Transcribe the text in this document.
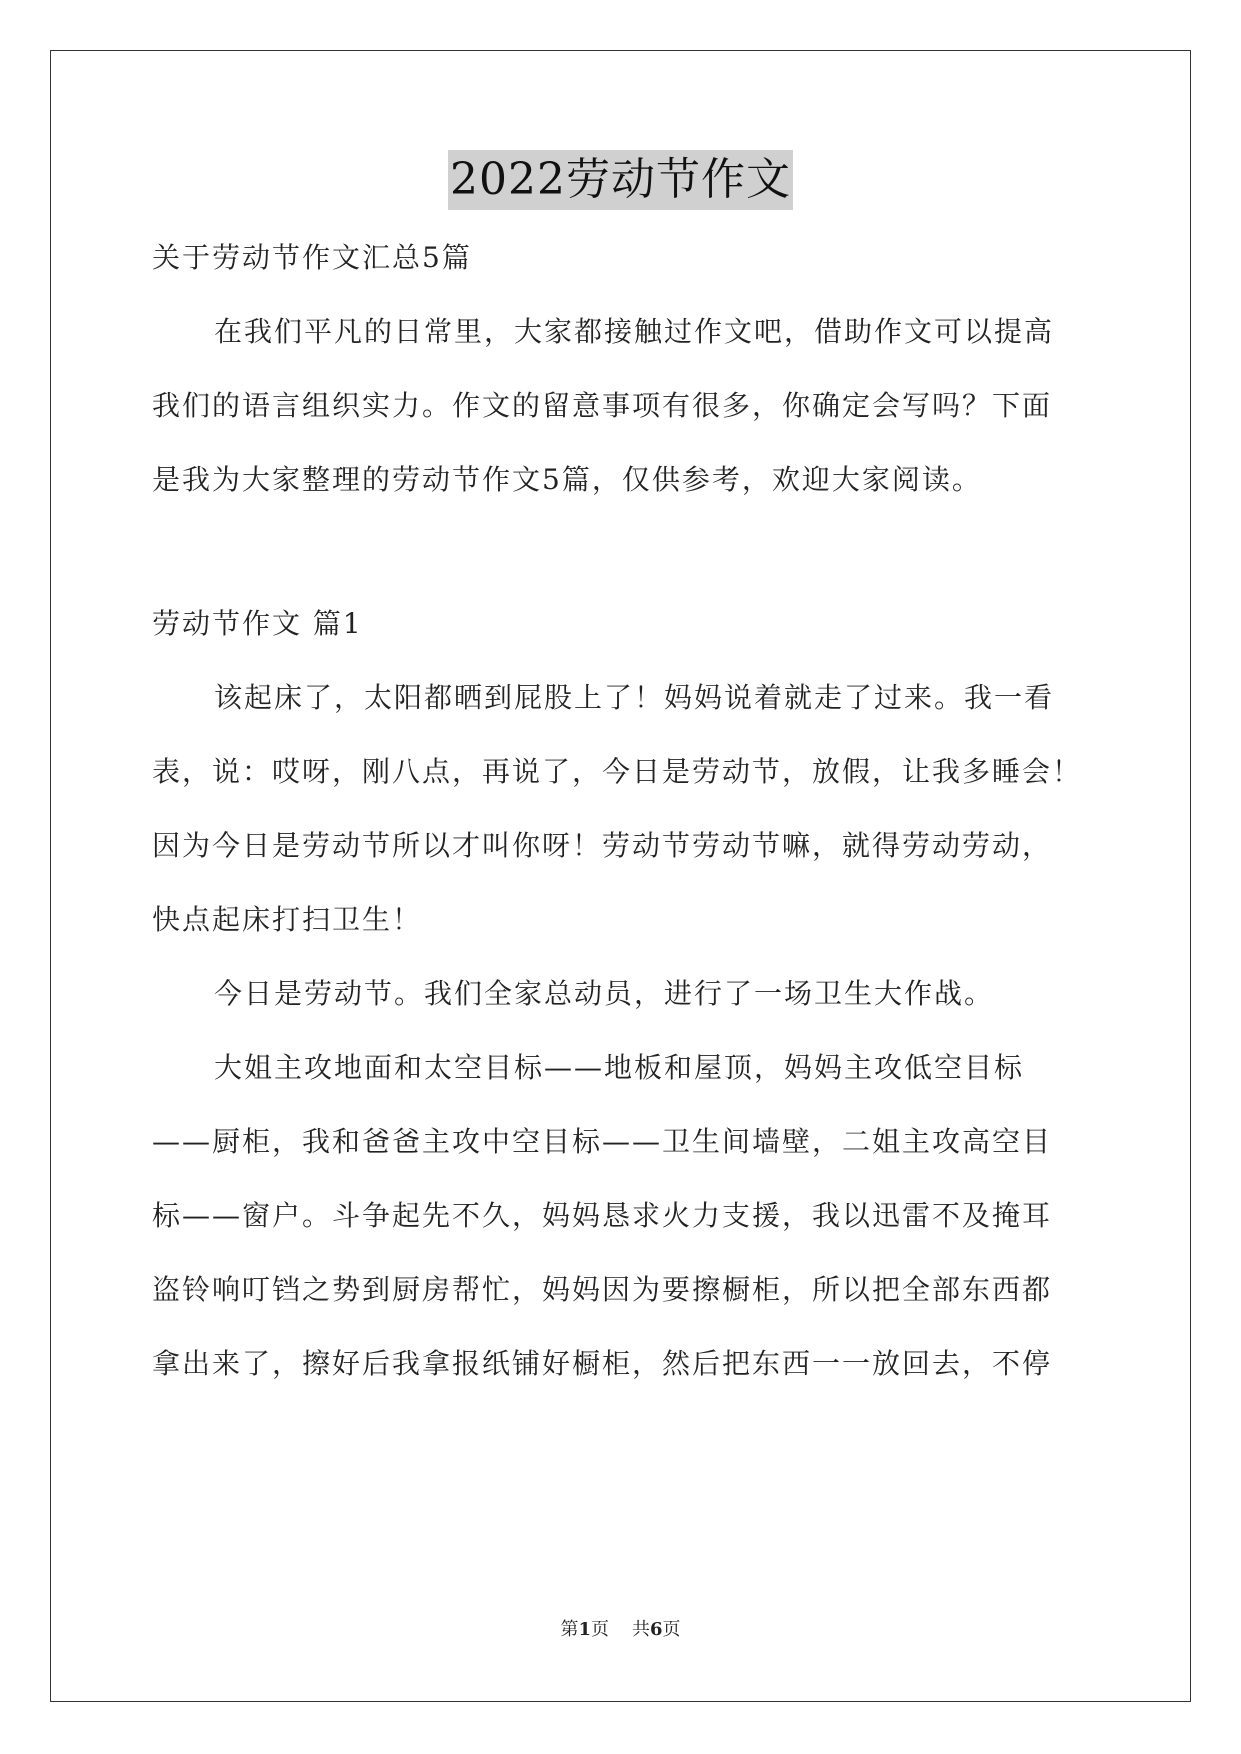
2022劳动节作文
关于劳动节作文汇总5篇
在我们平凡的日常里，大家都接触过作文吧，借助作文可以提高
我们的语言组织实力。作文的留意事项有很多，你确定会写吗？下面
是我为大家整理的劳动节作文5篇，仅供参考，欢迎大家阅读。
劳动节作文 篇1
该起床了，太阳都晒到屁股上了！妈妈说着就走了过来。我一看
表，说：哎呀，刚八点，再说了，今日是劳动节，放假，让我多睡会！
因为今日是劳动节所以才叫你呀！劳动节劳动节嘛，就得劳动劳动，
快点起床打扫卫生！
今日是劳动节。我们全家总动员，进行了一场卫生大作战。
大姐主攻地面和太空目标——地板和屋顶，妈妈主攻低空目标
——厨柜，我和爸爸主攻中空目标——卫生间墙壁，二姐主攻高空目
标——窗户。斗争起先不久，妈妈恳求火力支援，我以迅雷不及掩耳
盗铃响叮铛之势到厨房帮忙，妈妈因为要擦橱柜，所以把全部东西都
拿出来了，擦好后我拿报纸铺好橱柜，然后把东西一一放回去，不停
第1页 共6页
